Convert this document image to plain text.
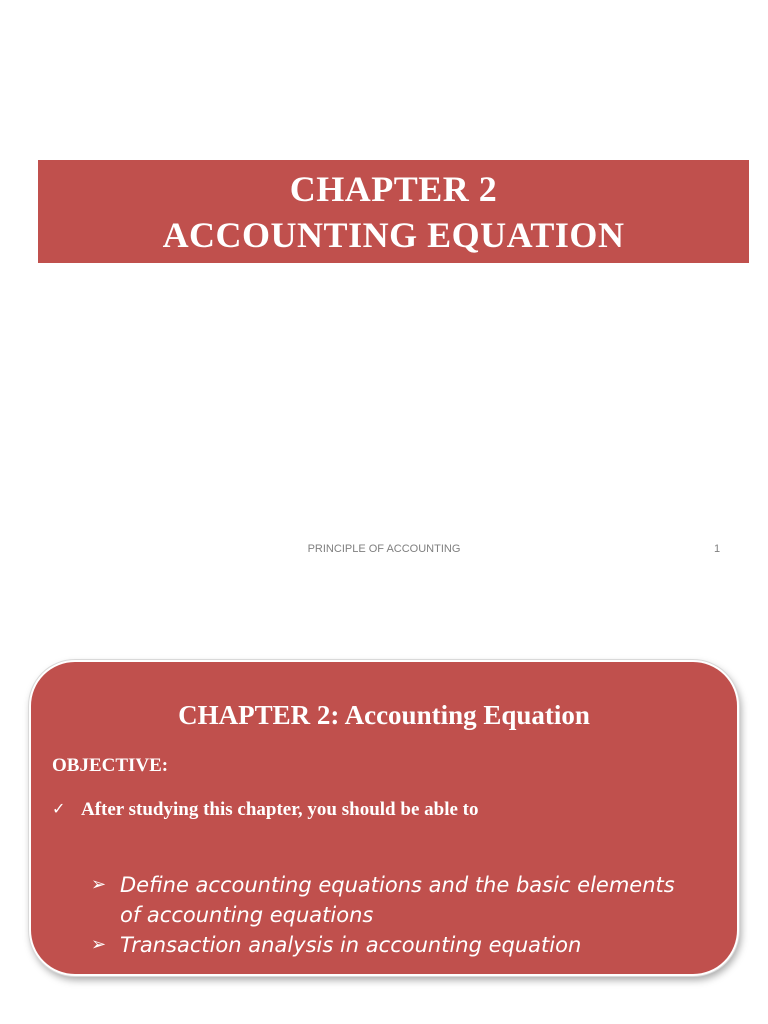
CHAPTER 2
ACCOUNTING EQUATION
PRINCIPLE OF ACCOUNTING	1
CHAPTER 2: Accounting Equation
OBJECTIVE:
✓ After studying this chapter, you should be able to
➢ Define accounting equations and the basic elements of accounting equations
➢ Transaction analysis in accounting equation
